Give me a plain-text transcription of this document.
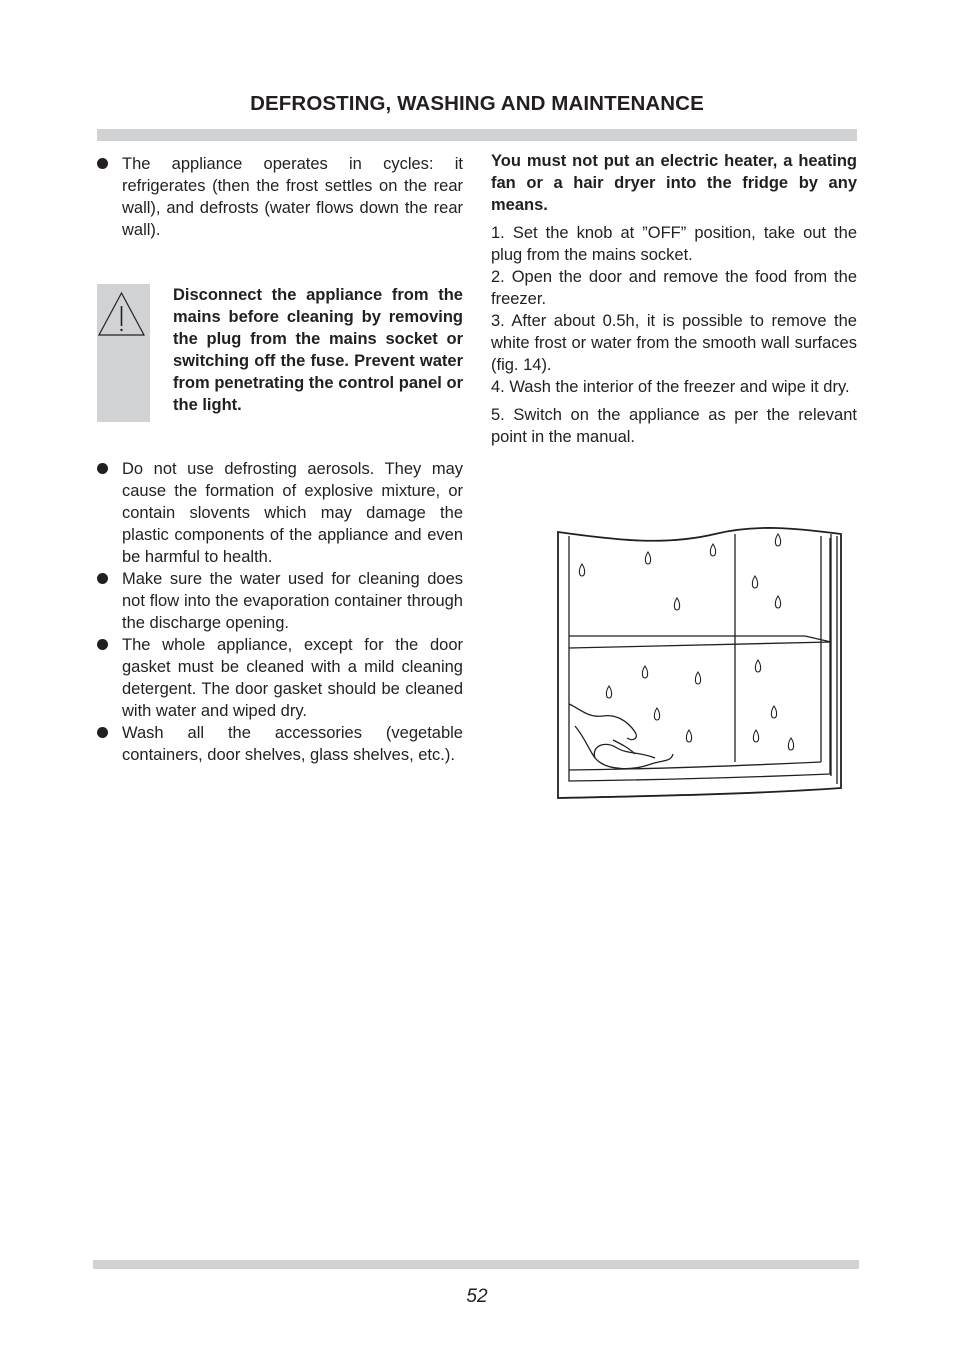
DEFROSTING, WASHING AND MAINTENANCE
The appliance operates in cycles: it refrigerates (then the frost settles on the rear wall), and defrosts (water flows down the rear wall).
Disconnect the appliance from the mains before cleaning by removing the plug from the mains socket or switching off the fuse. Prevent water from penetrating the control panel or the light.
Do not use defrosting aerosols. They may cause the formation of explosive mixture, or contain slovents which may damage the plastic components of the appliance and even be harmful to health.
Make sure the water used for cleaning does not flow into the evaporation container through the discharge opening.
The whole appliance, except for the door gasket must be cleaned with a mild cleaning detergent. The door gasket should be cleaned with water and wiped dry.
Wash all the accessories (vegetable containers, door shelves, glass shelves, etc.).

You must not put an electric heater, a heating fan or a hair dryer into the fridge by any means.

1. Set the knob at ”OFF” position, take out the plug from the mains socket.

2. Open the door and remove the food from the freezer.

3. After about 0.5h, it is possible to remove the white frost or water from the smooth wall surfaces (fig. 14).

4. Wash the interior of the freezer and wipe it dry.

5. Switch on the appliance as per the relevant point in the manual.

52
